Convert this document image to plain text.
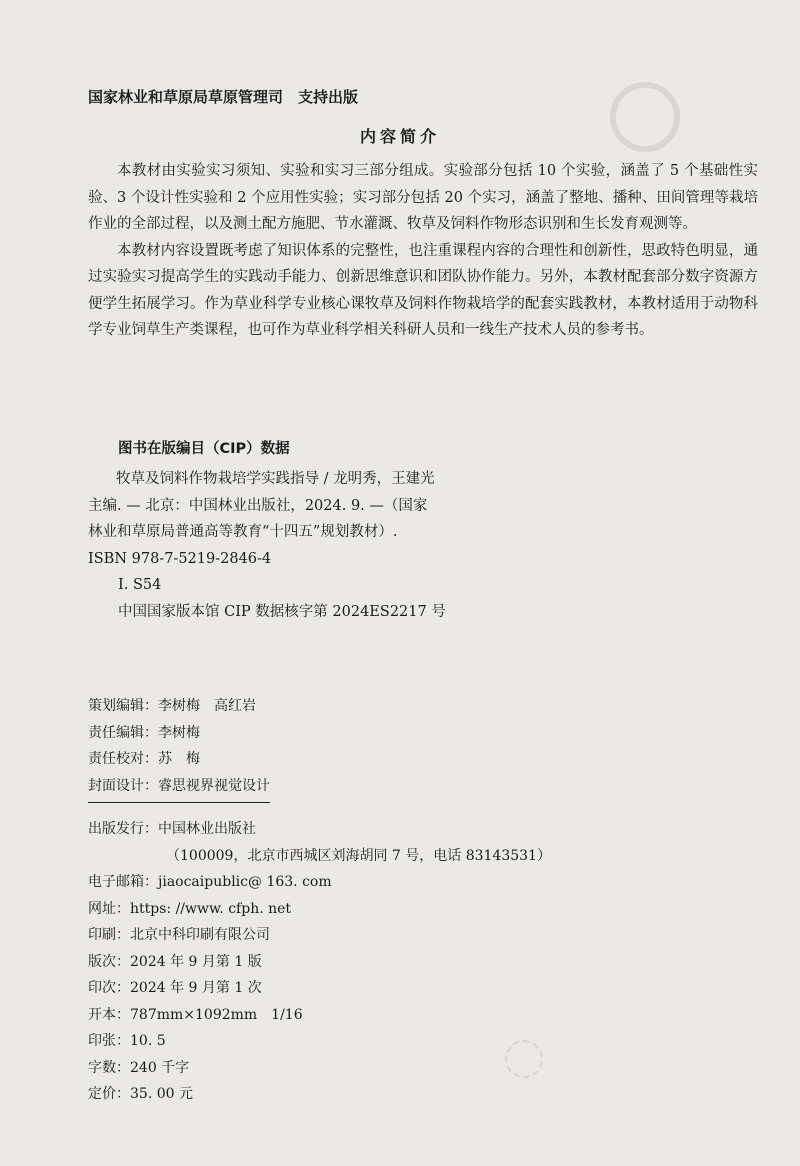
国家林业和草原局草原管理司　支持出版
内容简介

本教材由实验实习须知、实验和实习三部分组成。实验部分包括 10 个实验，涵盖了 5 个基础性实验、3 个设计性实验和 2 个应用性实验；实习部分包括 20 个实习，涵盖了整地、播种、田间管理等栽培作业的全部过程，以及测土配方施肥、节水灌溉、牧草及饲料作物形态识别和生长发育观测等。

本教材内容设置既考虑了知识体系的完整性，也注重课程内容的合理性和创新性，思政特色明显，通过实验实习提高学生的实践动手能力、创新思维意识和团队协作能力。另外，本教材配套部分数字资源方便学生拓展学习。作为草业科学专业核心课牧草及饲料作物栽培学的配套实践教材，本教材适用于动物科学专业饲草生产类课程，也可作为草业科学相关科研人员和一线生产技术人员的参考书。

图书在版编目（CIP）数据
牧草及饲料作物栽培学实践指导 / 龙明秀，王建光
主编. — 北京：中国林业出版社，2024. 9. —（国家
林业和草原局普通高等教育“十四五”规划教材）.
ISBN 978-7-5219-2846-4
Ⅰ. S54
中国国家版本馆 CIP 数据核字第 2024ES2217 号
策划编辑：李树梅　高红岩
责任编辑：李树梅
责任校对：苏　梅
封面设计：睿思视界视觉设计
出版发行：中国林业出版社
（100009，北京市西城区刘海胡同 7 号，电话 83143531）
电子邮箱：jiaocaipublic@ 163. com
网址：https: //www. cfph. net
印刷：北京中科印刷有限公司
版次：2024 年 9 月第 1 版
印次：2024 年 9 月第 1 次
开本：787mm×1092mm　1/16
印张：10. 5
字数：240 千字
定价：35. 00 元
